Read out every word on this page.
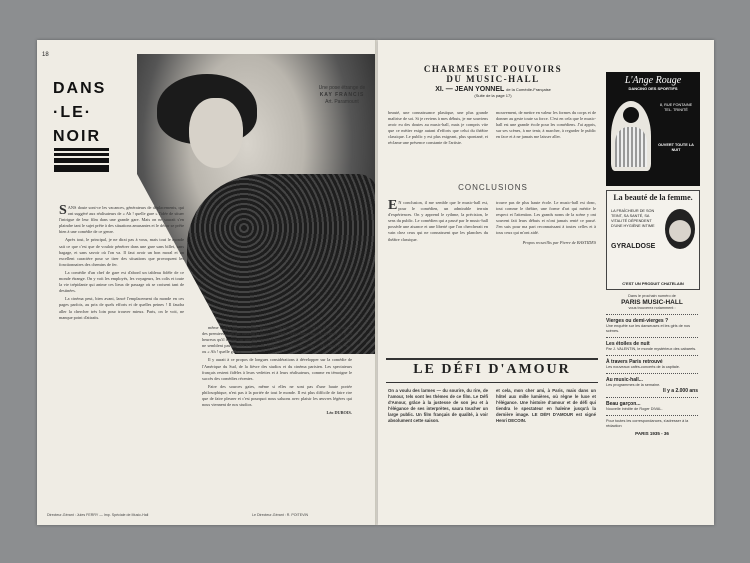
18
DANS
·LE·
NOIR
Une pose étrange de
KAY FRANCIS
Art. Paramount

SANS doute sont-ce les vacances, générateurs de déplacements, qui ont suggéré aux réalisateurs de « Ah ! quelle gare » l'idée de situer l'intrigue de leur film dans une grande gare. Mais on ne saurait s'en plaindre tant le sujet prête à des situations amusantes et le décor se prête bien à une comédie de ce genre.

Après tout, le principal, je ne dirai pas à vous, mais tout le monde sait ce que c'est que de vouloir pénétrer dans une gare sans billet, sans bagage, et sans savoir où l'on va. Il faut avoir un bon moral et un excellent caractère pour se tirer des situations que provoquent les fonctionnaires des chemins de fer.

La comédie d'un chef de gare est d'abord un tableau fidèle de ce monde étrange. On y voit les employés, les voyageurs, les colis et toute la vie trépidante qui anime ces lieux de passage où se croisent tant de destinées.

La cinéma peut, bien avant, lancé l'emplacement du monde en ces pages parfois, au prix de quels efforts et de quelles peines ! Il faudra aller la chercher très loin pour trouver mieux. Paris, on le voit, ne manque point d'attraits.

même n'a-t-il pas un brillant transfuge du Casino de Paris et du théâtre. Voilà un des premiers films qui ouvrent la saison nouvelle. Il fait bien augurer, du reste, et il est heureux qu'il repose sur une production française. Évidemment, nos metteurs en scène ne semblent pas décidés à dépasser, comme nous de leurs aînés, « Théodore et Cie » ou « Ah ! quelle gare ».

Il y aurait à ce propos de longues considérations à développer sur la comédie de l'Amérique du Sud, de la fièvre des studios et du cinéma parisien. Les spectateurs français restent fidèles à leurs vedettes et à leurs réalisateurs, comme en témoigne le succès des comédies récentes.

Faire des sources gaies, même si elles ne sont pas d'une haute portée philosophique, n'est pas à la portée de tout le monde. Il est plus difficile de faire rire que de faire pleurer et c'est pourquoi nous saluons avec plaisir les œuvres légères qui nous viennent de nos studios.

Léo DUBOIS.

Directeur-Gérant : Jules FERRY — Imp. Spéciale de Music-Hall	Le Directeur-Gérant : R. POITEVIN
CHARMES ET POUVOIRS
DU MUSIC-HALL
XI. — JEAN YONNEL de la Comédie-Française
(Suite de la page 17)
beauté, une connaissance plastique, une plus grande maîtrise de soi. Si je reviens à mes débuts, je me souviens avoir eu des doutes au music-hall, mais je compris vite que ce métier exige autant d'efforts que celui du théâtre classique. Le public y est plus exigeant, plus spontané, et réclame une présence constante de l'artiste.
mouvement, de mettre en valeur les formes du corps et de donner au geste toute sa force. C'est en cela que le music-hall est une grande école pour les comédiens. J'ai appris, sur ses scènes, à me tenir, à marcher, à regarder le public en face et à ne jamais me laisser aller.
CONCLUSIONS
E N conclusion, il me semble que le music-hall est, pour le comédien, un admirable terrain d'expériences. On y apprend le rythme, la précision, le sens du public. Le comédien qui a passé par le music-hall possède une aisance et une liberté que l'on chercherait en vain chez ceux qui ne connaissent que les planches du théâtre classique.
trouve pas de plus haute école. Le music-hall est donc, tout comme le théâtre, une forme d'art qui mérite le respect et l'attention. Les grands noms de la scène y ont souvent fait leurs débuts et n'ont jamais renié ce passé. J'en suis pour ma part reconnaissant à toutes celles et à tous ceux qui m'ont aidé.
Propos recueillis par Pierre de BASTIDES
LE DÉFI D'AMOUR
On a voulu des larmes — du sourire, du rire, de l'amour, tels sont les thèmes de ce film. Le Défi d'Amour, grâce à la justesse de son jeu et à l'élégance de ses interprètes, saura toucher un large public. Un film français de qualité, à voir absolument cette saison.
et cela, mon cher ami, à Paris, mais dans un hôtel aux mille lumières, où règne le luxe et l'élégance. Une histoire d'amour et de défi qui tiendra le spectateur en haleine jusqu'à la dernière image. LE DÉFI D'AMOUR est signé Henri DECOIN.
L'Ange Rouge
DANCING DES SPORTIFS
8, RUE FONTAINE
TEL. TRINITÉ
OUVERT TOUTE LA NUIT
La beauté de la femme.
LA FRAÎCHEUR DE SON TEINT, SA SANTÉ, SA VITALITÉ DÉPENDENT D'UNE HYGIÈNE INTIME
GYRALDOSE
C'EST UN PRODUIT CHATELAIN
Dans le prochain numéro de
PARIS MUSIC-HALL
vous trouverez notamment :
Vierges ou demi-vierges ?
Une enquête sur les danseuses et les girls de nos scènes.
Les étoiles de nuit
Par J. VALENTIN, le monde mystérieux des cabarets.
À travers Paris retrouvé
Les nouveaux cafés-concerts de la capitale.
Au music-hall...
Les programmes de la semaine.
Il y a 2.000 ans
Beau garçon...
Nouvelle inédite de Roger DIVAL.
Pour toutes les correspondances, s'adresser à la rédaction
PARIS 1935 - 36
